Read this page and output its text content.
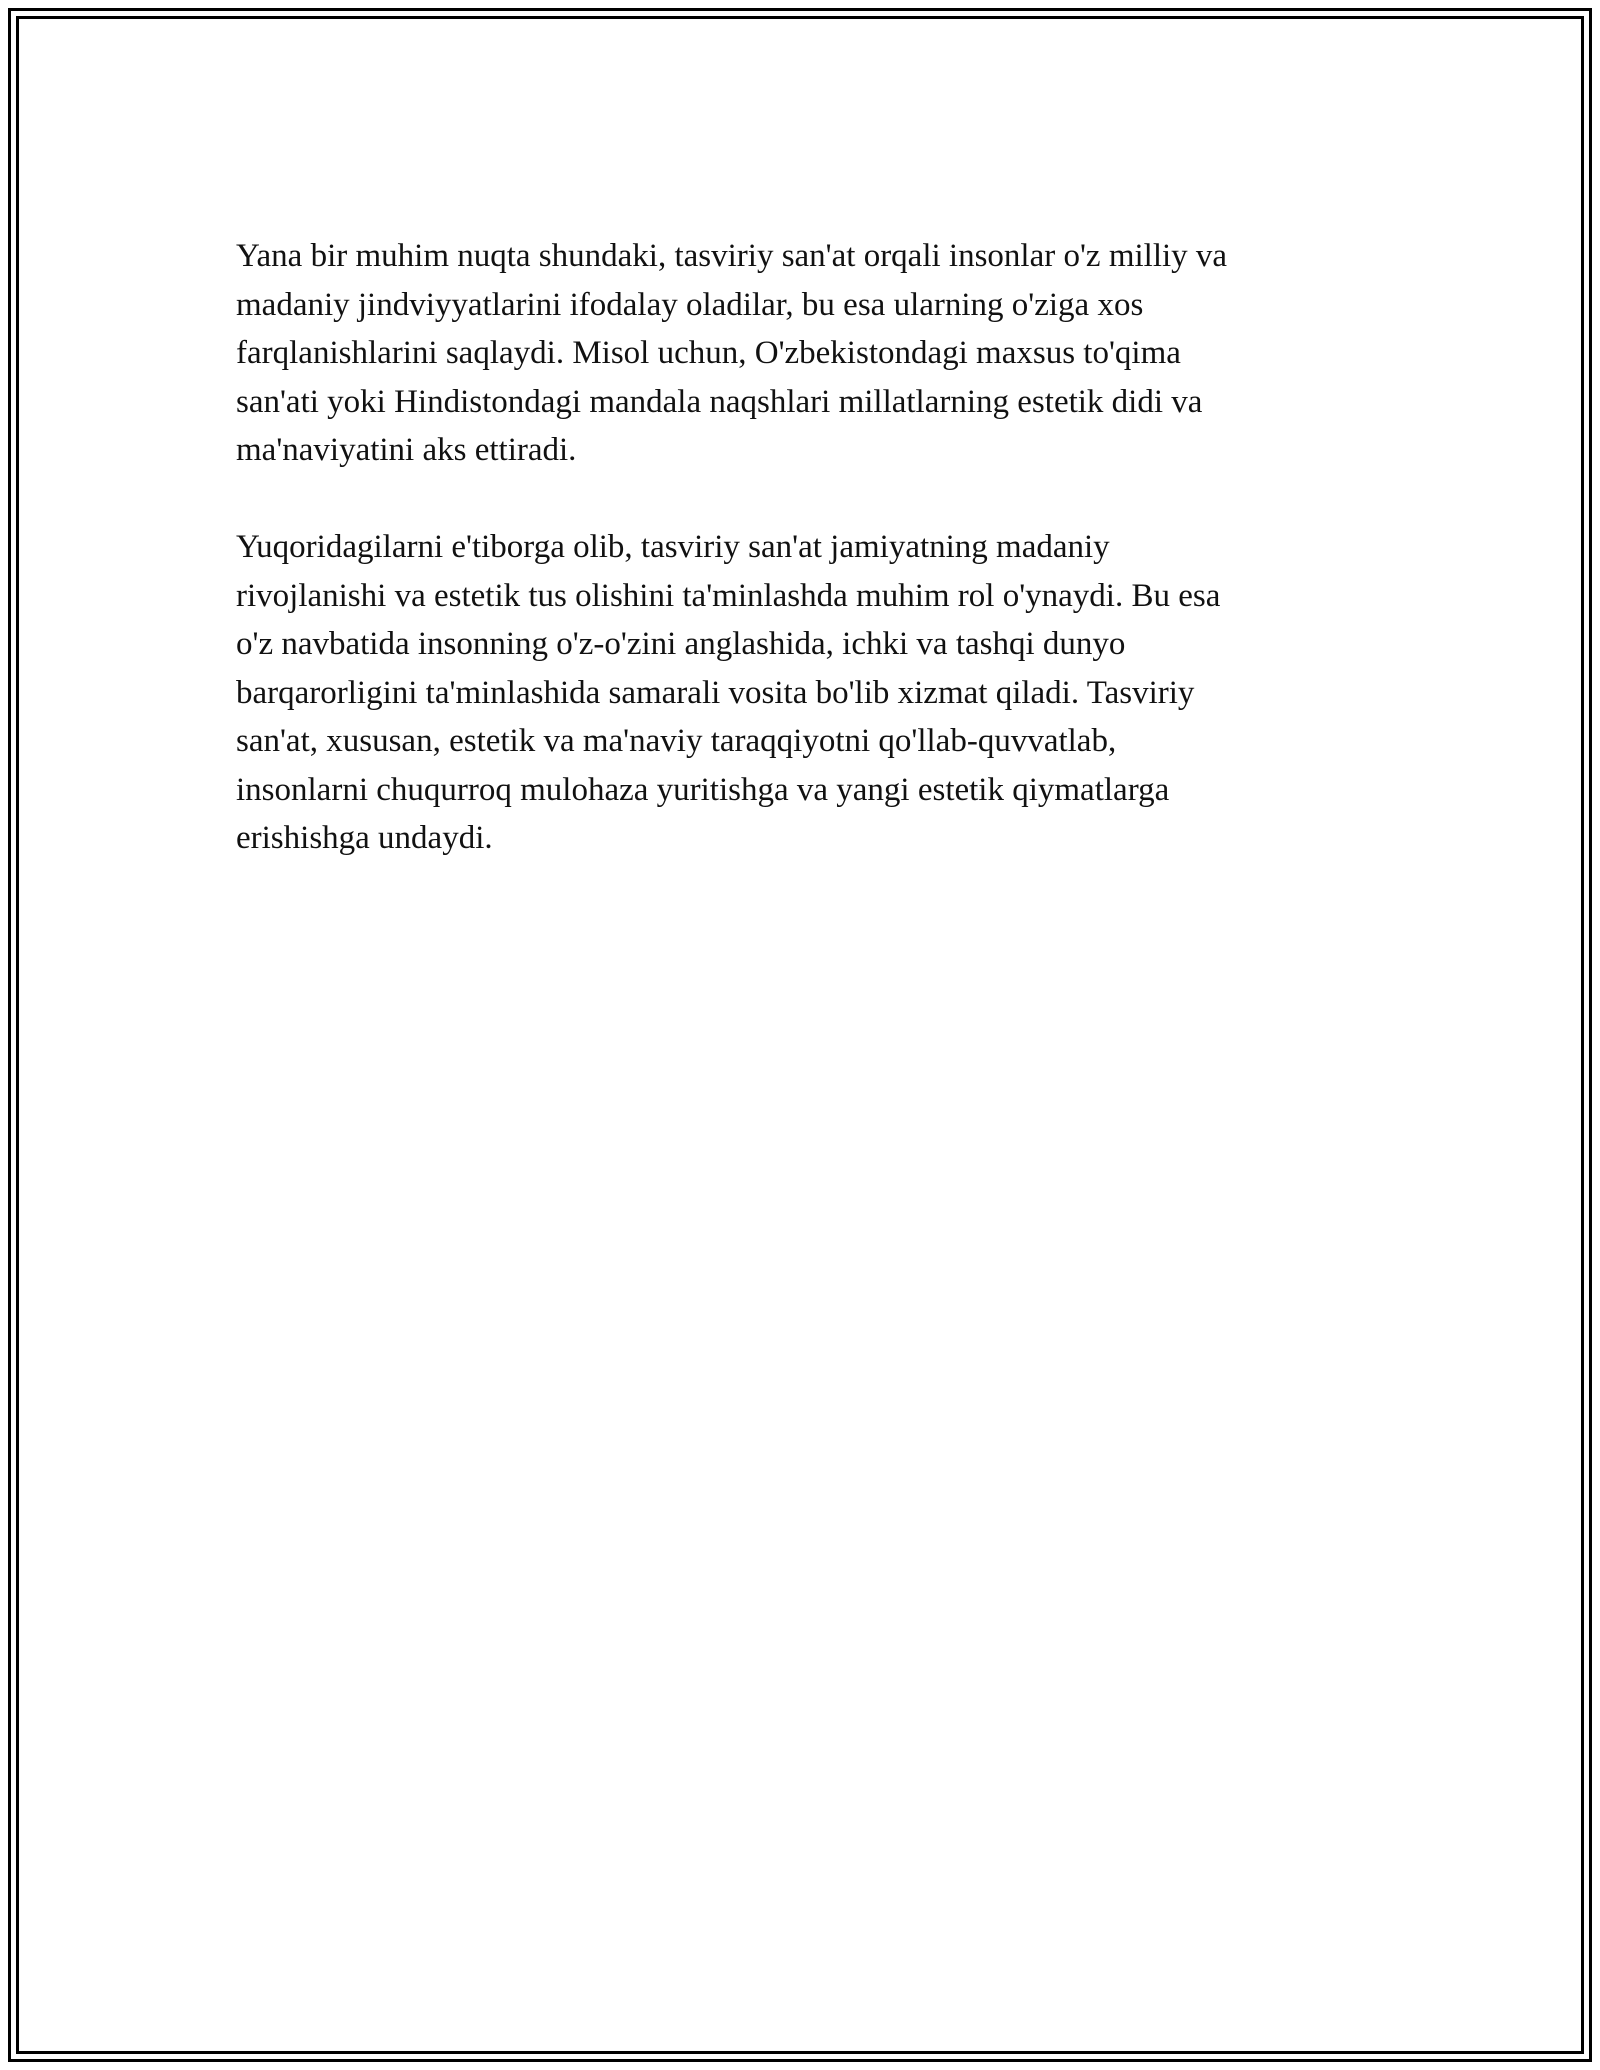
Yana bir muhim nuqta shundaki, tasviriy san'at orqali insonlar o'z milliy va
madaniy jindviyyatlarini ifodalay oladilar, bu esa ularning o'ziga xos
farqlanishlarini saqlaydi. Misol uchun, O'zbekistondagi maxsus to'qima
san'ati yoki Hindistondagi mandala naqshlari millatlarning estetik didi va
ma'naviyatini aks ettiradi.

Yuqoridagilarni e'tiborga olib, tasviriy san'at jamiyatning madaniy
rivojlanishi va estetik tus olishini ta'minlashda muhim rol o'ynaydi. Bu esa
o'z navbatida insonning o'z-o'zini anglashida, ichki va tashqi dunyo
barqarorligini ta'minlashida samarali vosita bo'lib xizmat qiladi. Tasviriy
san'at, xususan, estetik va ma'naviy taraqqiyotni qo'llab-quvvatlab,
insonlarni chuqurroq mulohaza yuritishga va yangi estetik qiymatlarga
erishishga undaydi.
